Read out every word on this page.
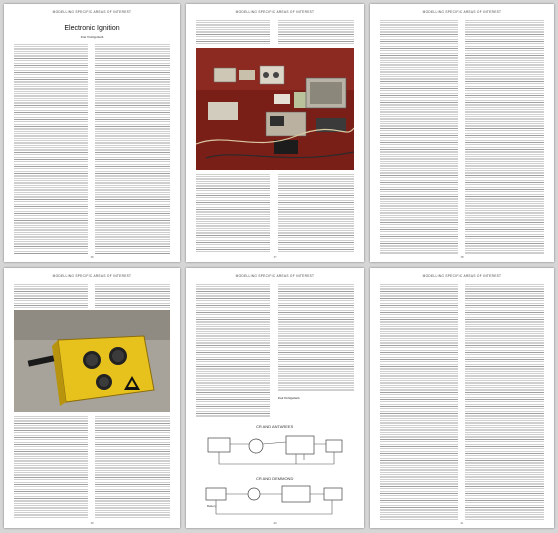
MODELLING SPECIFIC AREAS OF INTEREST
Electronic Ignition
Paul Wohlgemuth
36
MODELLING SPECIFIC AREAS OF INTEREST
37
MODELLING SPECIFIC AREAS OF INTEREST
38
MODELLING SPECIFIC AREAS OF INTEREST
39
MODELLING SPECIFIC AREAS OF INTEREST
Paul Wohlgemuth
CR AND ANTAREES
CR AND DEMMOND
Battery
40
MODELLING SPECIFIC AREAS OF INTEREST
41
